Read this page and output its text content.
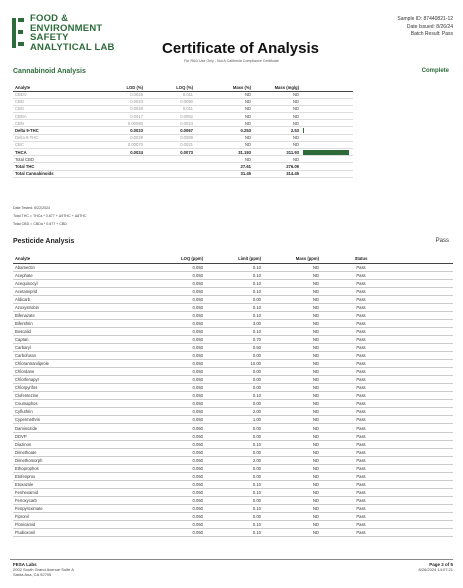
FOOD &
ENVIRONMENT
SAFETY
ANALYTICAL LAB	Certificate of Analysis
Sample ID: 87440821-12
Date Issued: 8/26/24
Batch Result: Pass
For R&D Use Only - Not A California Compliance Certificate
Cannabinoid Analysis	Complete
Analyte	LOD (%)	LOQ (%)	Mass (%)	Mass (mg/g)	
CBDV	0.0025	0.011	ND	ND	
CBD	0.0023	0.0090	ND	ND	
CBG	0.0028	0.011	ND	ND	
CBDA	0.0017	0.0052	ND	ND	
CBN	0.00080	0.0024	ND	ND	
Delta 9-THC	0.0023	0.0067	0.253	2.53	

Delta 8-THC	0.0029	0.0089	ND	ND	
CBC	0.00070	0.0021	ND	ND	
THCA	0.0024	0.0073	31.193	311.93	

Total CBD			ND	ND	
Total THC			27.61	276.09	
Total Cannabinoids			31.45	314.45	
Date Tested: 8/22/2024
Total THC = THCa * 0.877 + Δ9THC + Δ8THC
Total CBD = CBDa * 0.877 + CBD
Pesticide Analysis	Pass
Analyte	LOQ (ppm)	Limit (ppm)	Mass (ppm)	Status	
Abamectin	0.050	0.10	ND	Pass	
Acephate	0.050	0.10	ND	Pass	
Acequinocyl	0.050	0.10	ND	Pass	
Acetamiprid	0.050	0.10	ND	Pass	
Aldicarb	0.050	0.00	ND	Pass	
Azoxystrobin	0.050	0.10	ND	Pass	
Bifenazate	0.050	0.10	ND	Pass	
Bifenthrin	0.050	3.00	ND	Pass	
Boscalid	0.050	0.10	ND	Pass	
Captan	0.050	0.70	ND	Pass	
Carbaryl	0.050	0.50	ND	Pass	
Carbofuran	0.050	0.00	ND	Pass	
Chlorantraniliprole	0.050	10.00	ND	Pass	
Chlordane	0.050	0.00	ND	Pass	
Chlorfenapyr	0.050	0.00	ND	Pass	
Chlorpyrifos	0.050	0.00	ND	Pass	
Clofentezine	0.050	0.10	ND	Pass	
Coumaphos	0.050	0.00	ND	Pass	
Cyfluthrin	0.050	2.00	ND	Pass	
Cypermethrin	0.050	1.00	ND	Pass	
Daminozide	0.050	0.00	ND	Pass	
DDVP	0.050	0.00	ND	Pass	
Diazinon	0.050	0.10	ND	Pass	
Dimethoate	0.050	0.00	ND	Pass	
Dimethomorph	0.050	2.00	ND	Pass	
Ethoprophos	0.050	0.00	ND	Pass	
Etofenprox	0.050	0.00	ND	Pass	
Etoxazole	0.050	0.10	ND	Pass	
Fenhexamid	0.050	0.10	ND	Pass	
Fenoxycarb	0.050	0.00	ND	Pass	
Fenpyroximate	0.050	0.10	ND	Pass	
Fipronil	0.050	0.00	ND	Pass	
Flonicamid	0.050	0.10	ND	Pass	
Fludioxonil	0.050	0.10	ND	Pass	
FESA Labs
2002 South Grand Avenue Suite A
Santa Ana, CA 92705
Page 2 of 5
8/26/2024 14:07:21
